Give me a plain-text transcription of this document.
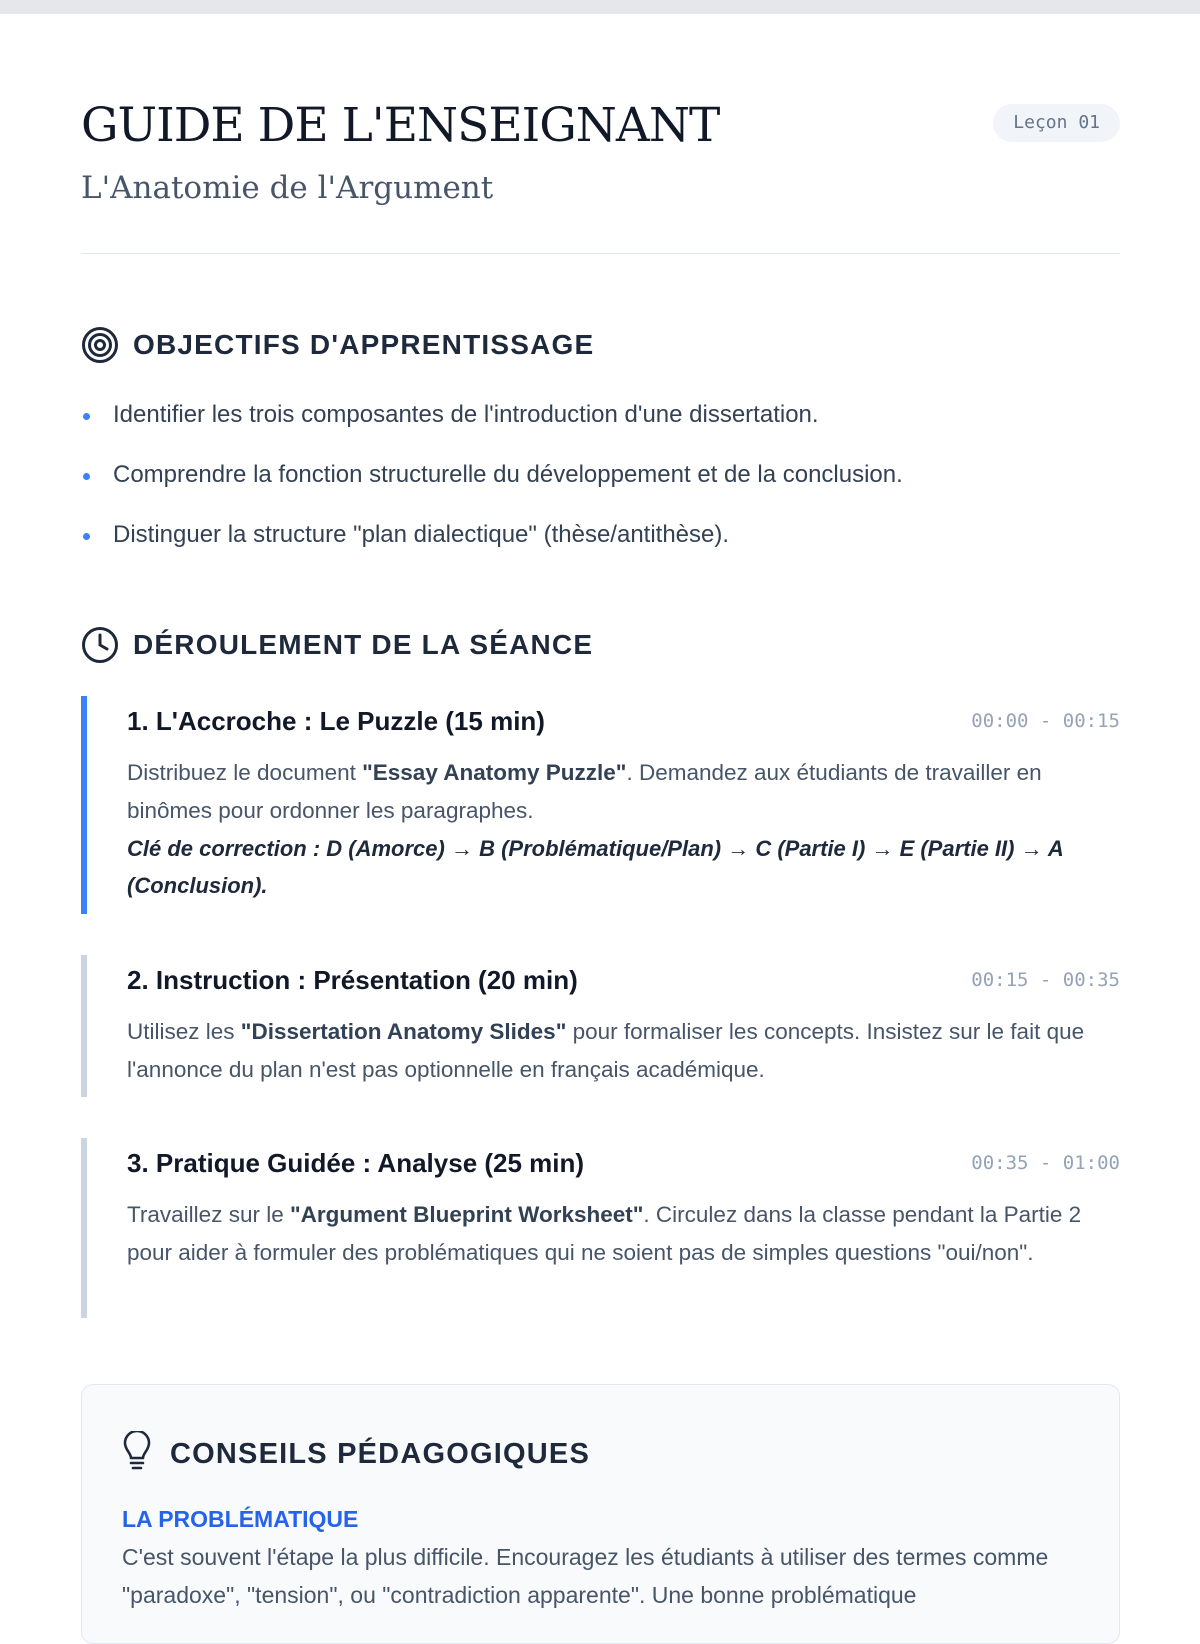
GUIDE DE L'ENSEIGNANT
L'Anatomie de l'Argument
Leçon 01
OBJECTIFS D'APPRENTISSAGE
Identifier les trois composantes de l'introduction d'une dissertation.
Comprendre la fonction structurelle du développement et de la conclusion.
Distinguer la structure "plan dialectique" (thèse/antithèse).
DÉROULEMENT DE LA SÉANCE
1. L'Accroche : Le Puzzle (15 min)	00:00 - 00:15

Distribuez le document "Essay Anatomy Puzzle". Demandez aux étudiants de travailler en binômes pour ordonner les paragraphes.

Clé de correction : D (Amorce) → B (Problématique/Plan) → C (Partie I) → E (Partie II) → A (Conclusion).

2. Instruction : Présentation (20 min)	00:15 - 00:35

Utilisez les "Dissertation Anatomy Slides" pour formaliser les concepts. Insistez sur le fait que l'annonce du plan n'est pas optionnelle en français académique.

3. Pratique Guidée : Analyse (25 min)	00:35 - 01:00

Travaillez sur le "Argument Blueprint Worksheet". Circulez dans la classe pendant la Partie 2 pour aider à formuler des problématiques qui ne soient pas de simples questions "oui/non".

CONSEILS PÉDAGOGIQUES

LA PROBLÉMATIQUE

C'est souvent l'étape la plus difficile. Encouragez les étudiants à utiliser des termes comme "paradoxe", "tension", ou "contradiction apparente". Une bonne problématique
